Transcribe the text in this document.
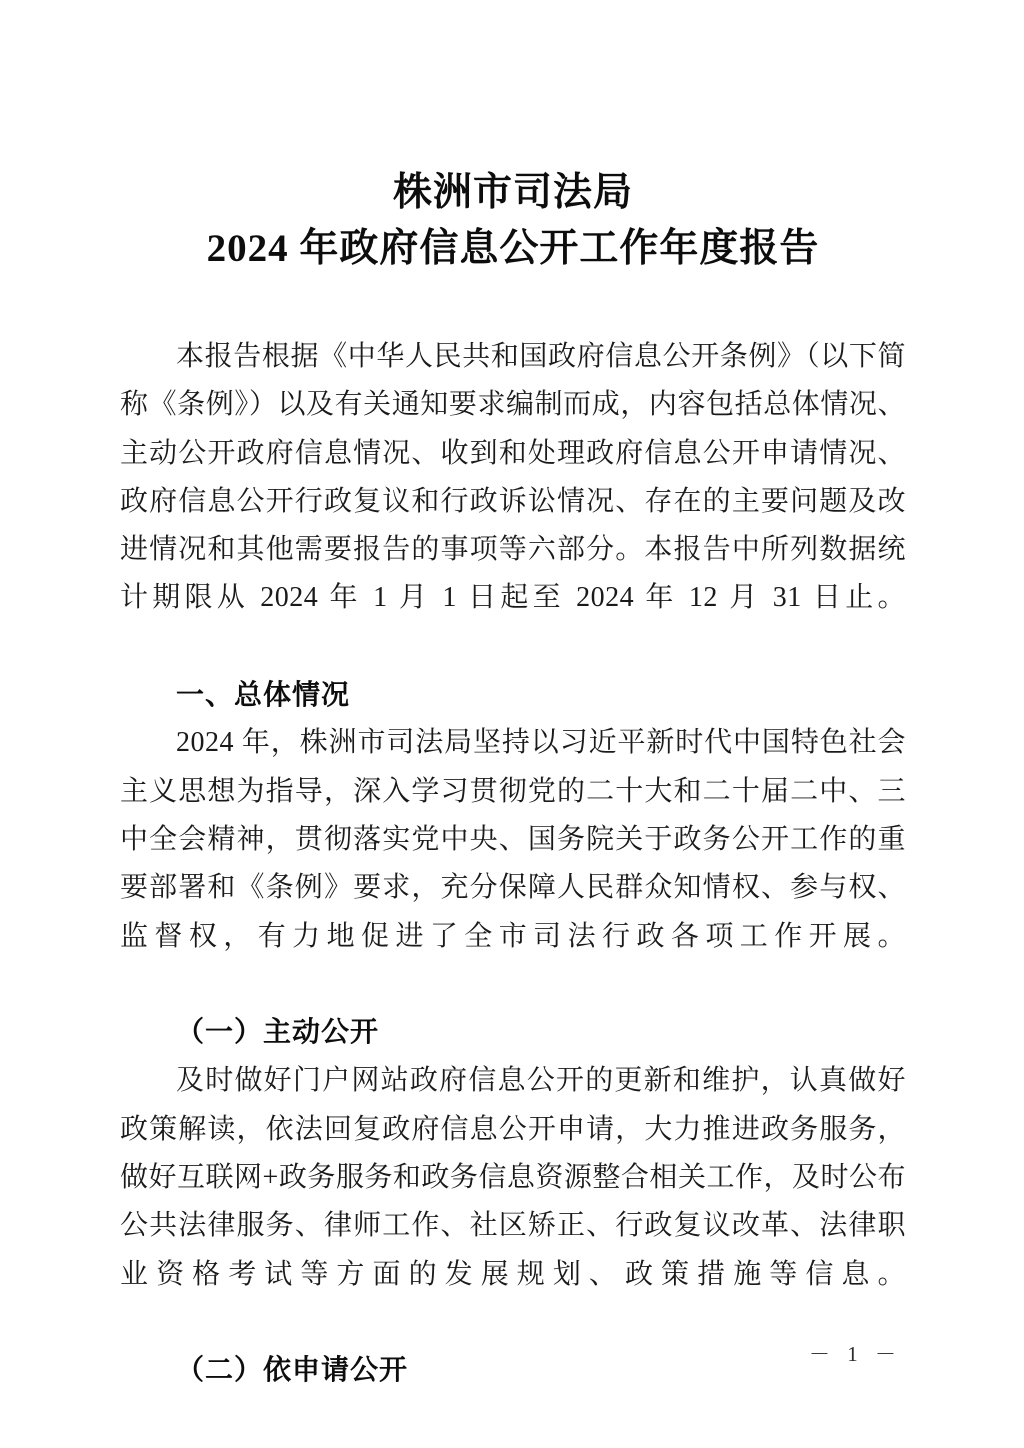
株洲市司法局
2024 年政府信息公开工作年度报告

本报告根据《中华人民共和国政府信息公开条例》（以下简称《条例》）以及有关通知要求编制而成，内容包括总体情况、主动公开政府信息情况、收到和处理政府信息公开申请情况、政府信息公开行政复议和行政诉讼情况、存在的主要问题及改进情况和其他需要报告的事项等六部分。本报告中所列数据统计期限从 2024 年 1 月 1 日起至 2024 年 12 月 31 日止。

一、总体情况

2024 年，株洲市司法局坚持以习近平新时代中国特色社会主义思想为指导，深入学习贯彻党的二十大和二十届二中、三中全会精神，贯彻落实党中央、国务院关于政务公开工作的重要部署和《条例》要求，充分保障人民群众知情权、参与权、监督权，有力地促进了全市司法行政各项工作开展。

（一）主动公开

及时做好门户网站政府信息公开的更新和维护，认真做好政策解读，依法回复政府信息公开申请，大力推进政务服务，做好互联网+政务服务和政务信息资源整合相关工作，及时公布公共法律服务、律师工作、社区矫正、行政复议改革、法律职业资格考试等方面的发展规划、政策措施等信息。

（二）依申请公开
－ 1 －
